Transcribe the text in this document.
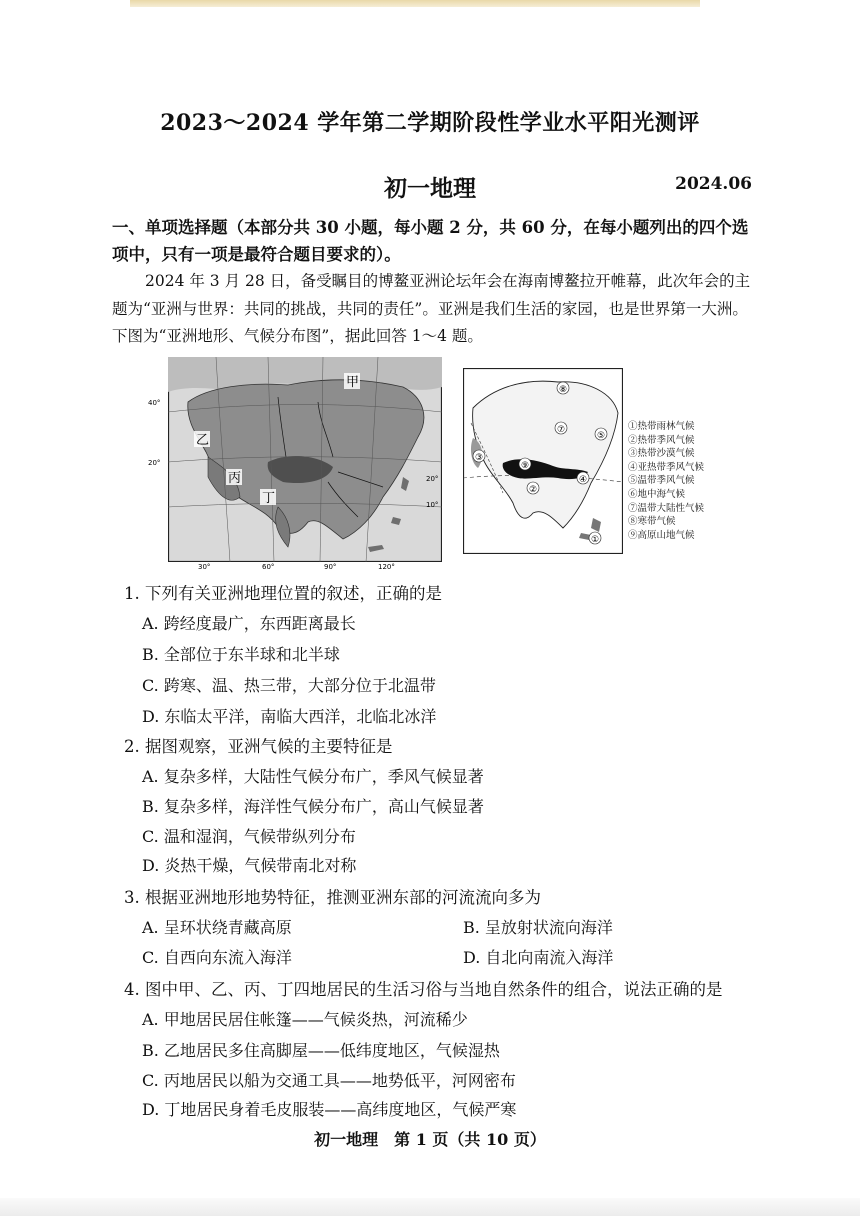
2023～2024 学年第二学期阶段性学业水平阳光测评
初一地理	2024.06
一、单项选择题（本部分共 30 小题，每小题 2 分，共 60 分，在每小题列出的四个选项中，只有一项是最符合题目要求的）。
2024 年 3 月 28 日，备受瞩目的博鳌亚洲论坛年会在海南博鳌拉开帷幕，此次年会的主题为“亚洲与世界：共同的挑战，共同的责任”。亚洲是我们生活的家园，也是世界第一大洲。下图为“亚洲地形、气候分布图”，据此回答 1～4 题。
甲
乙
丙
丁
40°
20°
20°
10°
30°	60°	90°	120°
⑧
⑦
⑤
③
⑨
④
②
①
①热带雨林气候
②热带季风气候
③热带沙漠气候
④亚热带季风气候
⑤温带季风气候
⑥地中海气候
⑦温带大陆性气候
⑧寒带气候
⑨高原山地气候
1. 下列有关亚洲地理位置的叙述，正确的是
A. 跨经度最广，东西距离最长
B. 全部位于东半球和北半球
C. 跨寒、温、热三带，大部分位于北温带
D. 东临太平洋，南临大西洋，北临北冰洋
2. 据图观察，亚洲气候的主要特征是
A. 复杂多样，大陆性气候分布广，季风气候显著
B. 复杂多样，海洋性气候分布广，高山气候显著
C. 温和湿润，气候带纵列分布
D. 炎热干燥，气候带南北对称
3. 根据亚洲地形地势特征，推测亚洲东部的河流流向多为
A. 呈环状绕青藏高原	B. 呈放射状流向海洋
C. 自西向东流入海洋	D. 自北向南流入海洋
4. 图中甲、乙、丙、丁四地居民的生活习俗与当地自然条件的组合，说法正确的是
A. 甲地居民居住帐篷——气候炎热，河流稀少
B. 乙地居民多住高脚屋——低纬度地区，气候湿热
C. 丙地居民以船为交通工具——地势低平，河网密布
D. 丁地居民身着毛皮服装——高纬度地区，气候严寒
初一地理　第 1 页（共 10 页）
